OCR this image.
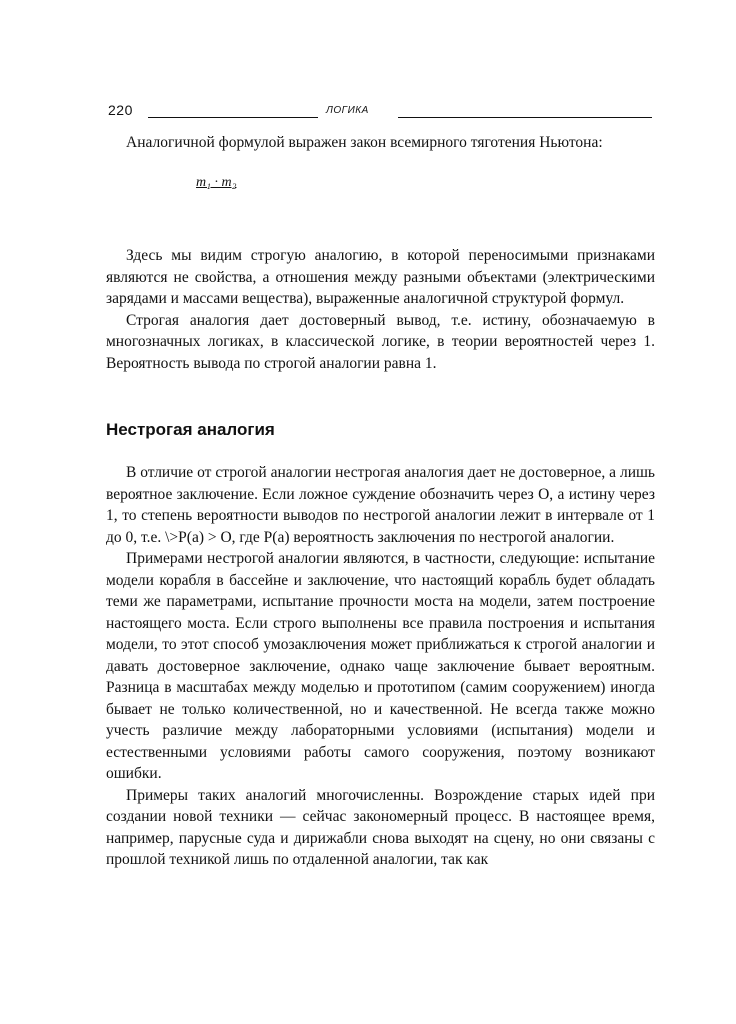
220	ЛОГИКА

Аналогичной формулой выражен закон всемирного тяготения Ньютона:

m₁ · m₂

Здесь мы видим строгую аналогию, в которой переносимыми признаками являются не свойства, а отношения между разными объектами (электрическими зарядами и массами вещества), выраженные аналогичной структурой формул.

Строгая аналогия дает достоверный вывод, т.е. истину, обозначаемую в многозначных логиках, в классической логике, в теории вероятностей через 1. Вероятность вывода по строгой аналогии равна 1.

Нестрогая аналогия

В отличие от строгой аналогии нестрогая аналогия дает не достоверное, а лишь вероятное заключение. Если ложное суждение обозначить через О, а истину через 1, то степень вероятности выводов по нестрогой аналогии лежит в интервале от 1 до 0, т.е. \>P(a) > О, где P(a) вероятность заключения по нестрогой аналогии.

Примерами нестрогой аналогии являются, в частности, следующие: испытание модели корабля в бассейне и заключение, что настоящий корабль будет обладать теми же параметрами, испытание прочности моста на модели, затем построение настоящего моста. Если строго выполнены все правила построения и испытания модели, то этот способ умозаключения может приближаться к строгой аналогии и давать достоверное заключение, однако чаще заключение бывает вероятным. Разница в масштабах между моделью и прототипом (самим сооружением) иногда бывает не только количественной, но и качественной. Не всегда также можно учесть различие между лабораторными условиями (испытания) модели и естественными условиями работы самого сооружения, поэтому возникают ошибки.

Примеры таких аналогий многочисленны. Возрождение старых идей при создании новой техники — сейчас закономерный процесс. В настоящее время, например, парусные суда и дирижабли снова выходят на сцену, но они связаны с прошлой техникой лишь по отдаленной аналогии, так как
